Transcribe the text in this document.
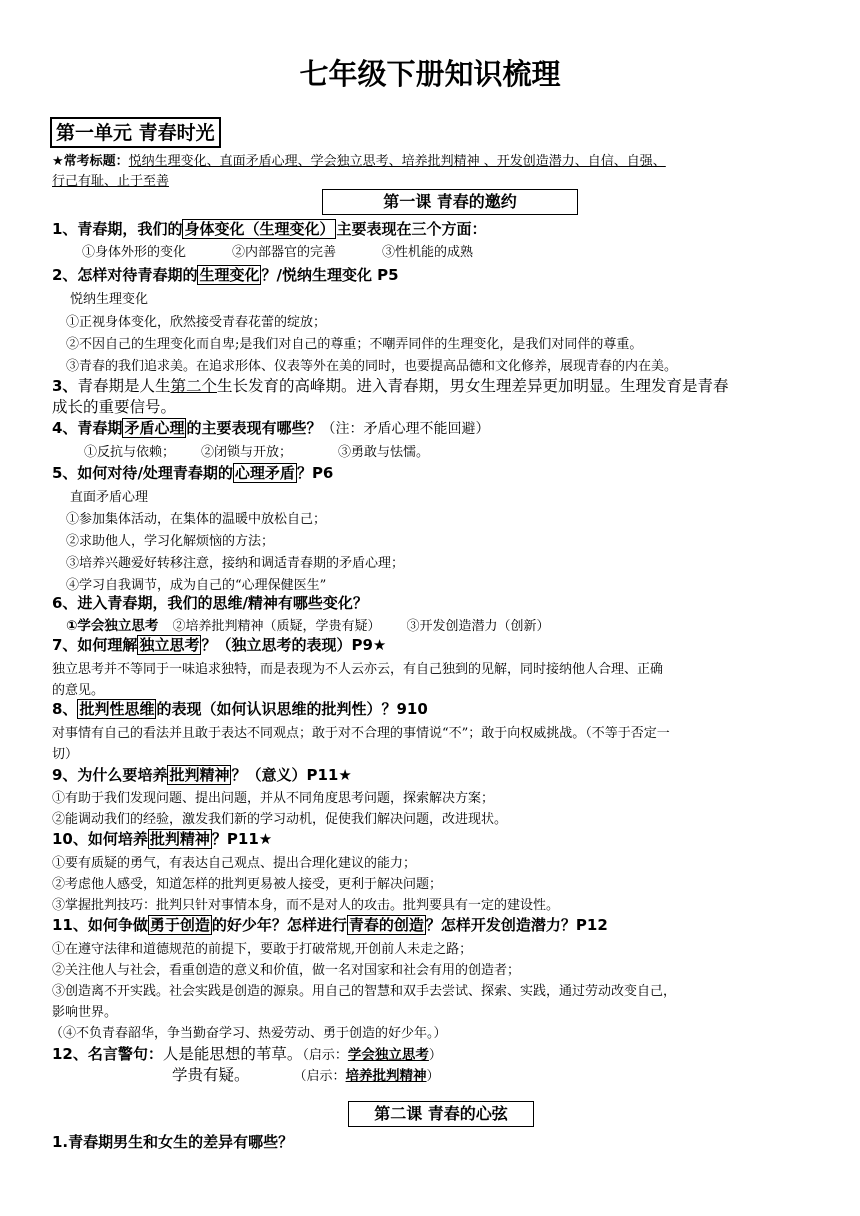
七年级下册知识梳理
第一单元 青春时光
★常考标题：悦纳生理变化、直面矛盾心理、学会独立思考、培养批判精神 、开发创造潜力、自信、自强、
行己有耻、止于至善
第一课 青春的邀约
1、青春期，我们的 身体变化（生理变化） 主要表现在三个方面：
①身体外形的变化	②内部器官的完善	③性机能的成熟
2、怎样对待青春期的 生理变化 ？/悦纳生理变化 P5
悦纳生理变化
①正视身体变化，欣然接受青春花蕾的绽放；
②不因自己的生理变化而自卑;是我们对自己的尊重；不嘲弄同伴的生理变化，是我们对同伴的尊重。
③青春的我们追求美。在追求形体、仪表等外在美的同时，也要提高品德和文化修养，展现青春的内在美。
3、青春期是人生第二个生长发育的高峰期。进入青春期，男女生理差异更加明显。生理发育是青春
成长的重要信号。
4、青春期 矛盾心理 的主要表现有哪些？（注：矛盾心理不能回避）
①反抗与依赖； ②闭锁与开放；	③勇敢与怯懦。
5、如何对待/处理青春期的 心理矛盾 ？P6
直面矛盾心理
①参加集体活动，在集体的温暖中放松自己；
②求助他人，学习化解烦恼的方法；
③培养兴趣爱好转移注意，接纳和调适青春期的矛盾心理；
④学习自我调节，成为自己的“心理保健医生”
6、进入青春期，我们的思维/精神有哪些变化？
①学会独立思考 ②培养批判精神（质疑，学贵有疑） ③开发创造潜力（创新）
7、如何理解 独立思考 ？（独立思考的表现）P9★
独立思考并不等同于一味追求独特，而是表现为不人云亦云，有自己独到的见解，同时接纳他人合理、正确
的意见。
8、 批判性思维 的表现（如何认识思维的批判性）？910
对事情有自己的看法并且敢于表达不同观点；敢于对不合理的事情说“不”；敢于向权威挑战。（不等于否定一
切）
9、为什么要培养 批判精神 ？（意义）P11★
①有助于我们发现问题、提出问题，并从不同角度思考问题，探索解决方案；
②能调动我们的经验，激发我们新的学习动机，促使我们解决问题，改进现状。
10、如何培养 批判精神 ？P11★
①要有质疑的勇气，有表达自己观点、提出合理化建议的能力；
②考虑他人感受，知道怎样的批判更易被人接受，更利于解决问题；
③掌握批判技巧：批判只针对事情本身，而不是对人的攻击。批判要具有一定的建设性。
11、如何争做 勇于创造 的好少年？怎样进行 青春的创造 ？怎样开发创造潜力？P12
①在遵守法律和道德规范的前提下，要敢于打破常规,开创前人未走之路；
②关注他人与社会，看重创造的意义和价值，做一名对国家和社会有用的创造者；
③创造离不开实践。社会实践是创造的源泉。用自己的智慧和双手去尝试、探索、实践，通过劳动改变自己，
影响世界。
（④不负青春韶华，争当勤奋学习、热爱劳动、勇于创造的好少年。）
12、名言警句：人是能思想的苇草。（启示：学会独立思考）
学贵有疑。	（启示：培养批判精神）
第二课 青春的心弦
1.青春期男生和女生的差异有哪些？
